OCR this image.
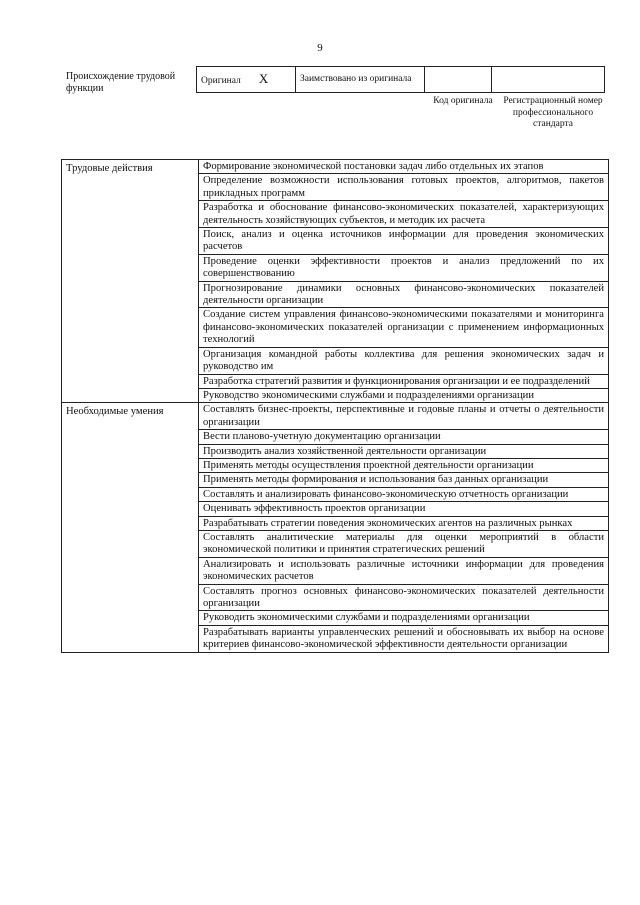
9
Происхождение трудовой функции
Оригинал X	Заимствовано из оригинала		
Код оригинала	Регистрационный номер профессионального стандарта
Трудовые действия	Формирование экономической постановки задач либо отдельных их этапов
	Определение возможности использования готовых проектов, алгоритмов, пакетов прикладных программ
	Разработка и обоснование финансово-экономических показателей, характеризующих деятельность хозяйствующих субъектов, и методик их расчета
	Поиск, анализ и оценка источников информации для проведения экономических расчетов
	Проведение оценки эффективности проектов и анализ предложений по их совершенствованию
	Прогнозирование динамики основных финансово-экономических показателей деятельности организации
	Создание систем управления финансово-экономическими показателями и мониторинга финансово-экономических показателей организации с применением информационных технологий
	Организация командной работы коллектива для решения экономических задач и руководство им
	Разработка стратегий развития и функционирования организации и ее подразделений
	Руководство экономическими службами и подразделениями организации
Необходимые умения	Составлять бизнес-проекты, перспективные и годовые планы и отчеты о деятельности организации
	Вести планово-учетную документацию организации
	Производить анализ хозяйственной деятельности организации
	Применять методы осуществления проектной деятельности организации
	Применять методы формирования и использования баз данных организации
	Составлять и анализировать финансово-экономическую отчетность организации
	Оценивать эффективность проектов организации
	Разрабатывать стратегии поведения экономических агентов на различных рынках
	Составлять аналитические материалы для оценки мероприятий в области экономической политики и принятия стратегических решений
	Анализировать и использовать различные источники информации для проведения экономических расчетов
	Составлять прогноз основных финансово-экономических показателей деятельности организации
	Руководить экономическими службами и подразделениями организации
	Разрабатывать варианты управленческих решений и обосновывать их выбор на основе критериев финансово-экономической эффективности деятельности организации
